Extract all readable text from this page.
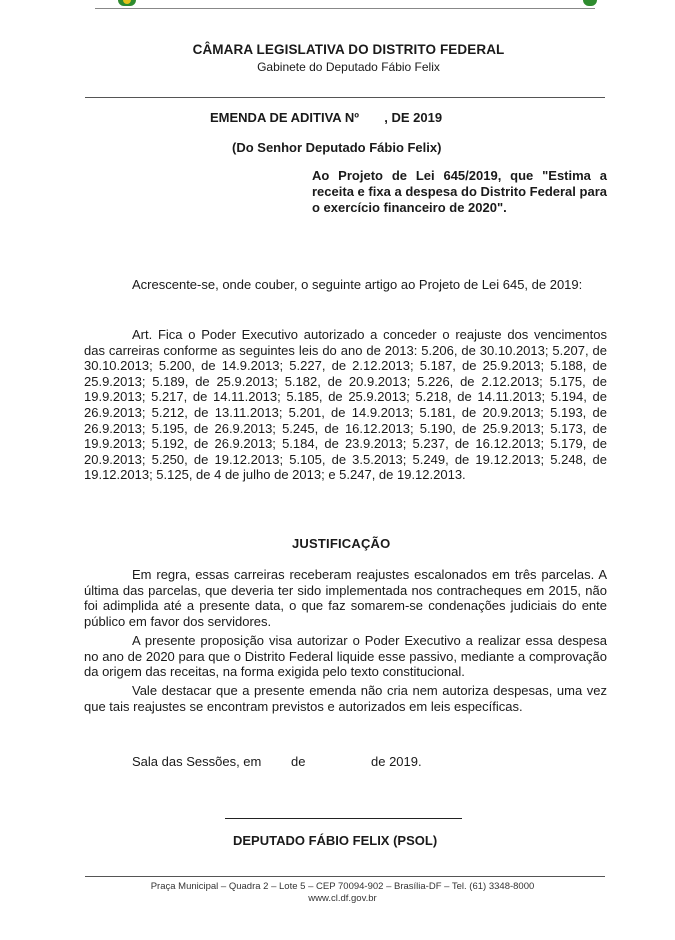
CÂMARA LEGISLATIVA DO DISTRITO FEDERAL
Gabinete do Deputado Fábio Felix
EMENDA DE ADITIVA Nº       , DE 2019
(Do Senhor Deputado Fábio Felix)
Ao Projeto de Lei 645/2019, que "Estima a receita e fixa a despesa do Distrito Federal para o exercício financeiro de 2020".
Acrescente-se, onde couber, o seguinte artigo ao Projeto de Lei 645, de 2019:
Art. Fica o Poder Executivo autorizado a conceder o reajuste dos vencimentos das carreiras conforme as seguintes leis do ano de 2013: 5.206, de 30.10.2013; 5.207, de 30.10.2013; 5.200, de 14.9.2013; 5.227, de 2.12.2013; 5.187, de 25.9.2013; 5.188, de 25.9.2013; 5.189, de 25.9.2013; 5.182, de 20.9.2013; 5.226, de 2.12.2013; 5.175, de 19.9.2013; 5.217, de 14.11.2013; 5.185, de 25.9.2013; 5.218, de 14.11.2013; 5.194, de 26.9.2013; 5.212, de 13.11.2013; 5.201, de 14.9.2013; 5.181, de 20.9.2013; 5.193, de 26.9.2013; 5.195, de 26.9.2013; 5.245, de 16.12.2013; 5.190, de 25.9.2013; 5.173, de 19.9.2013; 5.192, de 26.9.2013; 5.184, de 23.9.2013; 5.237, de 16.12.2013; 5.179, de 20.9.2013; 5.250, de 19.12.2013; 5.105, de 3.5.2013; 5.249, de 19.12.2013; 5.248, de 19.12.2013; 5.125, de 4 de julho de 2013; e 5.247, de 19.12.2013.
JUSTIFICAÇÃO
Em regra, essas carreiras receberam reajustes escalonados em três parcelas. A última das parcelas, que deveria ter sido implementada nos contracheques em 2015, não foi adimplida até a presente data, o que faz somarem-se condenações judiciais do ente público em favor dos servidores.
A presente proposição visa autorizar o Poder Executivo a realizar essa despesa no ano de 2020 para que o Distrito Federal liquide esse passivo, mediante a comprovação da origem das receitas, na forma exigida pelo texto constitucional.
Vale destacar que a presente emenda não cria nem autoriza despesas, uma vez que tais reajustes se encontram previstos e autorizados em leis específicas.
Sala das Sessões, em de	de 2019.
DEPUTADO FÁBIO FELIX (PSOL)
Praça Municipal – Quadra 2 – Lote 5 – CEP 70094-902 – Brasília-DF – Tel. (61) 3348-8000
www.cl.df.gov.br
